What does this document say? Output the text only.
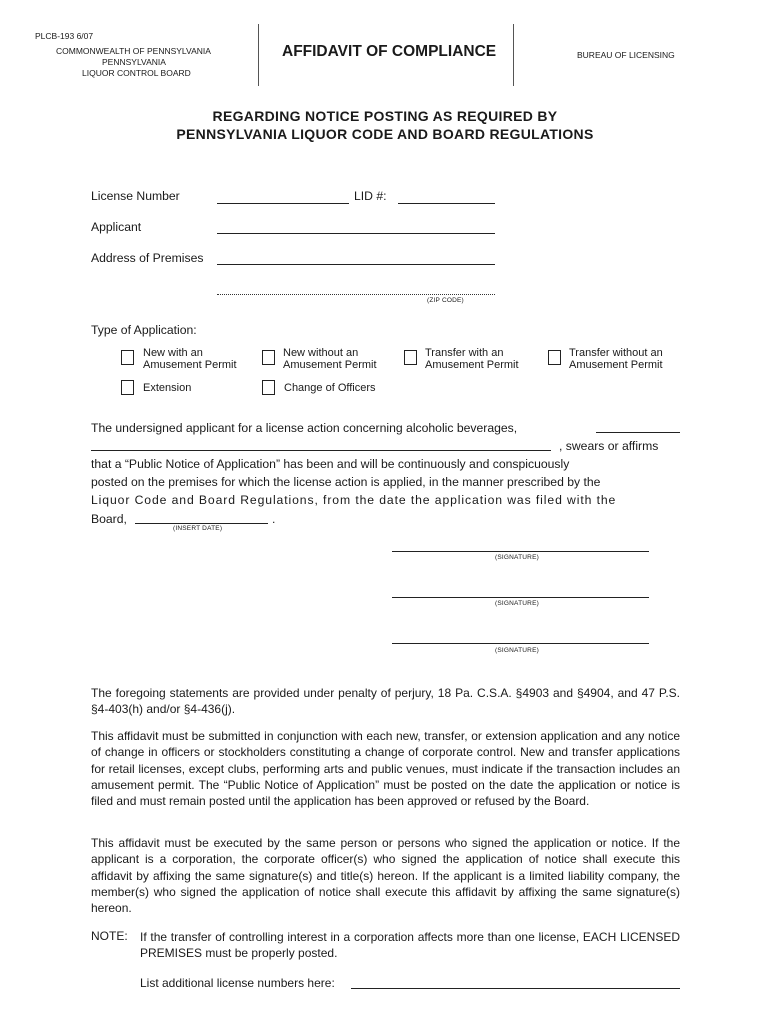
PLCB-193 6/07
COMMONWEALTH OF PENNSYLVANIA
PENNSYLVANIA
LIQUOR CONTROL BOARD
AFFIDAVIT OF COMPLIANCE	BUREAU OF LICENSING
REGARDING NOTICE POSTING AS REQUIRED BY
PENNSYLVANIA LIQUOR CODE AND BOARD REGULATIONS
License Number	LID #:
Applicant
Address of Premises
(ZIP CODE)
Type of Application:
New with an
Amusement Permit
New without an
Amusement Permit
Transfer with an
Amusement Permit
Transfer without an
Amusement Permit
Extension	Change of Officers
The undersigned applicant for a license action concerning alcoholic beverages,
, swears or affirms
that a “Public Notice of Application” has been and will be continuously and conspicuously
posted on the premises for which the license action is applied, in the manner prescribed by the
Liquor Code and Board Regulations, from the date the application was filed with the
Board,	.
(INSERT DATE)
(SIGNATURE)
(SIGNATURE)
(SIGNATURE)
The foregoing statements are provided under penalty of perjury, 18 Pa. C.S.A. §4903 and §4904, and 47 P.S. §4-403(h) and/or §4-436(j).
This affidavit must be submitted in conjunction with each new, transfer, or extension application and any notice of change in officers or stockholders constituting a change of corporate control. New and transfer applications for retail licenses, except clubs, performing arts and public venues, must indicate if the transaction includes an amusement permit. The “Public Notice of Application” must be posted on the date the application or notice is filed and must remain posted until the application has been approved or refused by the Board.
This affidavit must be executed by the same person or persons who signed the application or notice. If the applicant is a corporation, the corporate officer(s) who signed the application of notice shall execute this affidavit by affixing the same signature(s) and title(s) hereon. If the applicant is a limited liability company, the member(s) who signed the application of notice shall execute this affidavit by affixing the same signature(s) hereon.
NOTE: If the transfer of controlling interest in a corporation affects more than one license, EACH LICENSED PREMISES must be properly posted.
List additional license numbers here:
